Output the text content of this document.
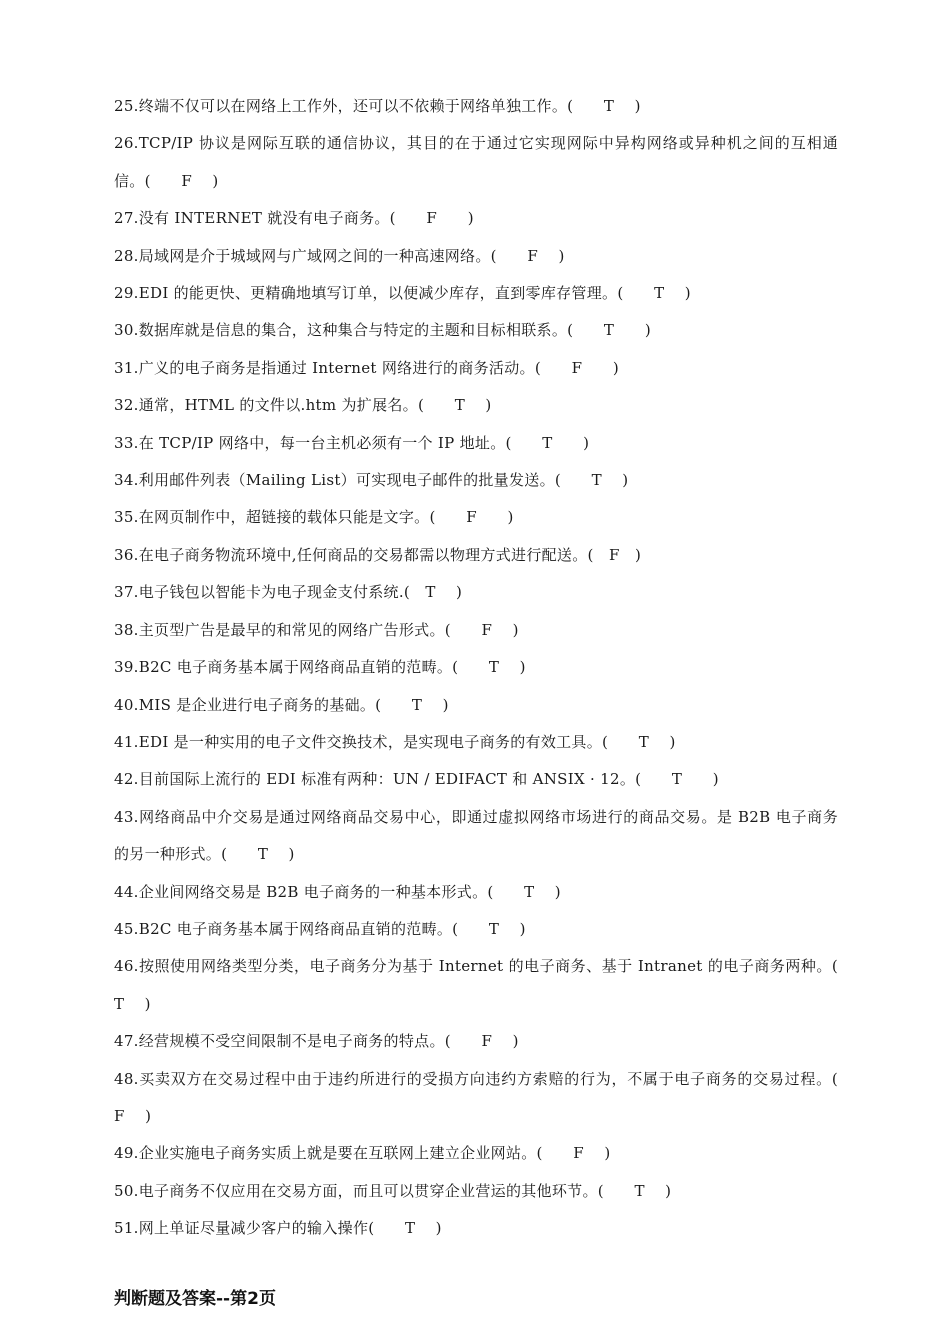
25.终端不仅可以在网络上工作外，还可以不依赖于网络单独工作。(　　T　 )
26.TCP/IP 协议是网际互联的通信协议，其目的在于通过它实现网际中异构网络或异种机之间的互相通信。(　　F　 )
27.没有 INTERNET 就没有电子商务。(　　F　　)
28.局域网是介于城域网与广域网之间的一种高速网络。(　　F　 )
29.EDI 的能更快、更精确地填写订单，以便减少库存，直到零库存管理。(　　T　 )
30.数据库就是信息的集合，这种集合与特定的主题和目标相联系。(　　T　　)
31.广义的电子商务是指通过 Internet 网络进行的商务活动。(　　F　　)
32.通常，HTML 的文件以.htm 为扩展名。(　　T　 )
33.在 TCP/IP 网络中，每一台主机必须有一个 IP 地址。(　　T　　)
34.利用邮件列表（Mailing List）可实现电子邮件的批量发送。(　　T　 )
35.在网页制作中，超链接的载体只能是文字。(　　F　　)
36.在电子商务物流环境中,任何商品的交易都需以物理方式进行配送。(　F　)
37.电子钱包以智能卡为电子现金支付系统.(　T　 )
38.主页型广告是最早的和常见的网络广告形式。(　　F　 )
39.B2C 电子商务基本属于网络商品直销的范畴。(　　T　 )
40.MIS 是企业进行电子商务的基础。(　　T　 )
41.EDI 是一种实用的电子文件交换技术，是实现电子商务的有效工具。(　　T　 )
42.目前国际上流行的 EDI 标准有两种：UN / EDIFACT 和 ANSIX · 12。(　　T　　)
43.网络商品中介交易是通过网络商品交易中心，即通过虚拟网络市场进行的商品交易。是 B2B 电子商务的另一种形式。(　　T　 )
44.企业间网络交易是 B2B 电子商务的一种基本形式。(　　T　 )
45.B2C 电子商务基本属于网络商品直销的范畴。(　　T　 )
46.按照使用网络类型分类，电子商务分为基于 Internet 的电子商务、基于 Intranet 的电子商务两种。(　　T　 )
47.经营规模不受空间限制不是电子商务的特点。(　　F　 )
48.买卖双方在交易过程中由于违约所进行的受损方向违约方索赔的行为，不属于电子商务的交易过程。(　　F　 )
49.企业实施电子商务实质上就是要在互联网上建立企业网站。(　　F　 )
50.电子商务不仅应用在交易方面，而且可以贯穿企业营运的其他环节。(　　T　 )
51.网上单证尽量减少客户的输入操作(　　T　 )

判断题及答案--第2页
